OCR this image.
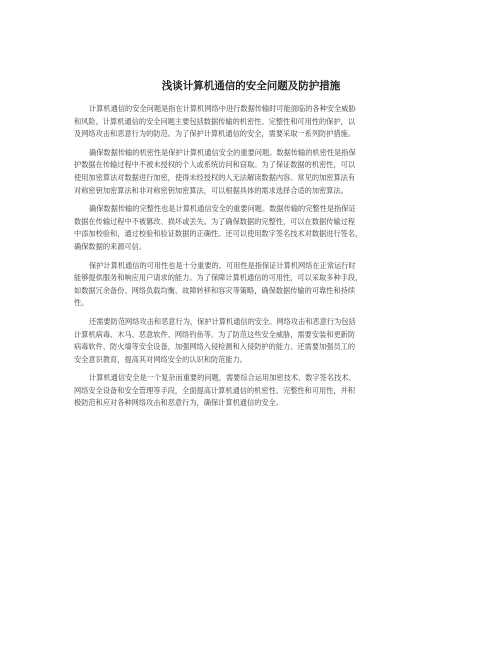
浅谈计算机通信的安全问题及防护措施
计算机通信的安全问题是指在计算机网络中进行数据传输时可能面临的各种安全威胁
和风险。计算机通信的安全问题主要包括数据传输的机密性、完整性和可用性的保护，以
及网络攻击和恶意行为的防范。为了保护计算机通信的安全，需要采取一系列防护措施。
确保数据传输的机密性是保护计算机通信安全的重要问题。数据传输的机密性是指保
护数据在传输过程中不被未授权的个人或系统访问和窃取。为了保证数据的机密性，可以
使用加密算法对数据进行加密，使得未经授权的人无法解读数据内容。常见的加密算法有
对称密钥加密算法和非对称密钥加密算法，可以根据具体的需求选择合适的加密算法。
确保数据传输的完整性也是计算机通信安全的重要问题。数据传输的完整性是指保证
数据在传输过程中不被篡改、损坏或丢失。为了确保数据的完整性，可以在数据传输过程
中添加校验和，通过校验和验证数据的正确性。还可以使用数字签名技术对数据进行签名，
确保数据的来源可信。
保护计算机通信的可用性也是十分重要的。可用性是指保证计算机网络在正常运行时
能够提供服务和响应用户请求的能力。为了保障计算机通信的可用性，可以采取多种手段，
如数据冗余备份、网络负载均衡、故障转移和容灾等策略，确保数据传输的可靠性和持续
性。
还需要防范网络攻击和恶意行为，保护计算机通信的安全。网络攻击和恶意行为包括
计算机病毒、木马、恶意软件、网络钓鱼等。为了防范这些安全威胁，需要安装和更新防
病毒软件、防火墙等安全设备，加强网络入侵检测和入侵防护的能力。还需要加强员工的
安全意识教育，提高其对网络安全的认识和防范能力。
计算机通信安全是一个复杂而重要的问题，需要综合运用加密技术、数字签名技术、
网络安全设备和安全管理等手段，全面提高计算机通信的机密性、完整性和可用性，并积
极防范和应对各种网络攻击和恶意行为，确保计算机通信的安全。
